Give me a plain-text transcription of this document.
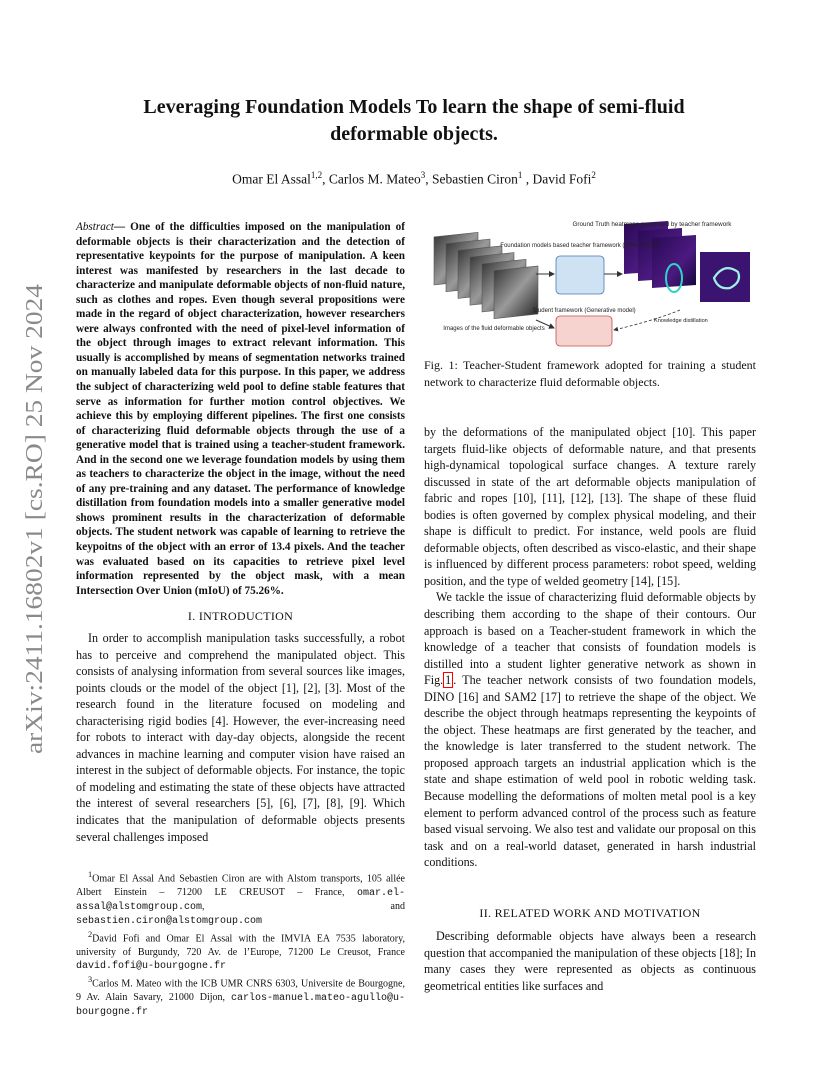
arXiv:2411.16802v1 [cs.RO] 25 Nov 2024
Leveraging Foundation Models To learn the shape of semi-fluid
deformable objects.

Omar El Assal$^{1,2}$, Carlos M. Mateo$^3$, Sebastien Ciron$^1$ , David Fofi$^2$

Abstract— One of the difficulties imposed on the manipulation of deformable objects is their characterization and the detection of representative keypoints for the purpose of manipulation. A keen interest was manifested by researchers in the last decade to characterize and manipulate deformable objects of non-fluid nature, such as clothes and ropes. Even though several propositions were made in the regard of object characterization, however researchers were always confronted with the need of pixel-level information of the object through images to extract relevant information. This usually is accomplished by means of segmentation networks trained on manually labeled data for this purpose. In this paper, we address the subject of characterizing weld pool to define stable features that serve as information for further motion control objectives. We achieve this by employing different pipelines. The first one consists of characterizing fluid deformable objects through the use of a generative model that is trained using a teacher-student framework. And in the second one we leverage foundation models by using them as teachers to characterize the object in the image, without the need of any pre-training and any dataset. The performance of knowledge distillation from foundation models into a smaller generative model shows prominent results in the characterization of deformable objects. The student network was capable of learning to retrieve the keypoitns of the object with an error of 13.4 pixels. And the teacher was evaluated based on its capacities to retrieve pixel level information represented by the object mask, with a mean Intersection Over Union (mIoU) of 75.26%.

I. INTRODUCTION

In order to accomplish manipulation tasks successfully, a robot has to perceive and comprehend the manipulated object. This consists of analysing information from several sources like images, points clouds or the model of the object [1], [2], [3]. Most of the research found in the literature focused on modeling and characterising rigid bodies [4]. However, the ever-increasing need for robots to interact with day-day objects, alongside the recent advances in machine learning and computer vision have raised an interest in the subject of deformable objects. For instance, the topic of modeling and estimating the state of these objects have attracted the interest of several researchers [5], [6], [7], [8], [9]. Which indicates that the manipulation of deformable objects presents several challenges imposed

$^1$Omar El Assal And Sebastien Ciron are with Alstom transports, 105 allée Albert Einstein – 71200 LE CREUSOT – France, omar.el-assal@alstomgroup.com, and sebastien.ciron@alstomgroup.com

$^2$David Fofi and Omar El Assal with the IMVIA EA 7535 laboratory, university of Burgundy, 720 Av. de l’Europe, 71200 Le Creusot, France david.fofi@u-bourgogne.fr

$^3$Carlos M. Mateo with the ICB UMR CNRS 6303, Universite de Bourgogne, 9 Av. Alain Savary, 21000 Dijon, carlos-manuel.mateo-agullo@u-bourgogne.fr

Ground Truth heatmaps generated by teacher framework
Foundation models based teacher framework (DINO-SAM2)
Knowledge distillation
Images of the fluid deformable objects
Student framework (Generative model)

Fig. 1: Teacher-Student framework adopted for training a student network to characterize fluid deformable objects.

by the deformations of the manipulated object [10]. This paper targets fluid-like objects of deformable nature, and that presents high-dynamical topological surface changes. A texture rarely discussed in state of the art deformable objects manipulation of fabric and ropes [10], [11], [12], [13]. The shape of these fluid bodies is often governed by complex physical modeling, and their shape is difficult to predict. For instance, weld pools are fluid deformable objects, often described as visco-elastic, and their shape is influenced by different process parameters: robot speed, welding position, and the type of welded geometry [14], [15].

We tackle the issue of characterizing fluid deformable objects by describing them according to the shape of their contours. Our approach is based on a Teacher-student framework in which the knowledge of a teacher that consists of foundation models is distilled into a student lighter generative network as shown in Fig. 1 . The teacher network consists of two foundation models, DINO [16] and SAM2 [17] to retrieve the shape of the object. We describe the object through heatmaps representing the keypoints of the object. These heatmaps are first generated by the teacher, and the knowledge is later transferred to the student network. The proposed approach targets an industrial application which is the state and shape estimation of weld pool in robotic welding task. Because modelling the deformations of molten metal pool is a key element to perform advanced control of the process such as feature based visual servoing. We also test and validate our proposal on this task and on a real-world dataset, generated in harsh industrial conditions.

II. RELATED WORK AND MOTIVATION

Describing deformable objects have always been a research question that accompanied the manipulation of these objects [18]; In many cases they were represented as objects as continuous geometrical entities like surfaces and
